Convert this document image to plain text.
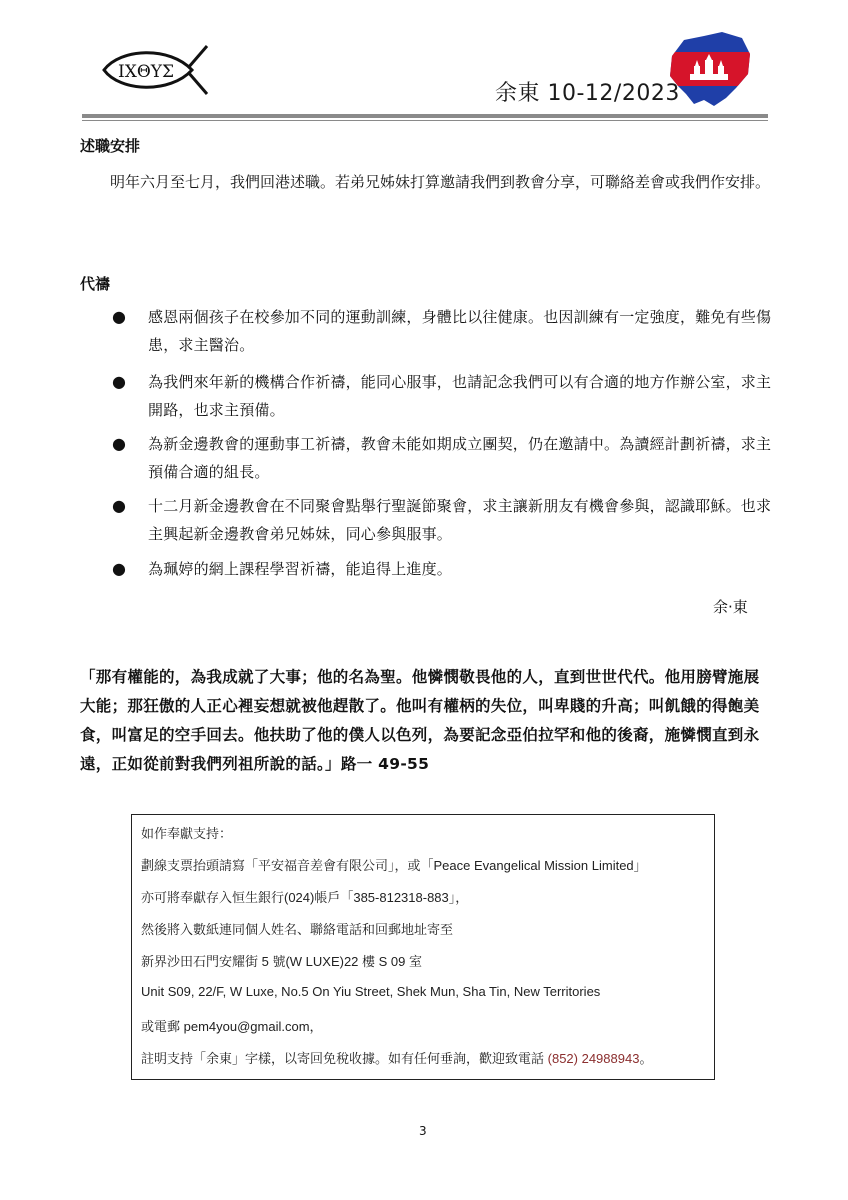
ΙΧΘΥΣ
余東 10-12/2023
述職安排
明年六月至七月，我們回港述職。若弟兄姊妹打算邀請我們到教會分享，可聯絡差會或我們作安排。
代禱
●	感恩兩個孩子在校參加不同的運動訓練，身體比以往健康。也因訓練有一定強度，難免有些傷患，求主醫治。
●	為我們來年新的機構合作祈禱，能同心服事，也請記念我們可以有合適的地方作辦公室，求主開路，也求主預備。
●	為新金邊教會的運動事工祈禱，教會未能如期成立團契，仍在邀請中。為讀經計劃祈禱，求主預備合適的組長。
●	十二月新金邊教會在不同聚會點舉行聖誕節聚會，求主讓新朋友有機會參與，認識耶穌。也求主興起新金邊教會弟兄姊妹，同心參與服事。
●	為珮婷的網上課程學習祈禱，能追得上進度。
余‧東
「那有權能的，為我成就了大事；他的名為聖。他憐憫敬畏他的人，直到世世代代。他用膀臂施展大能；那狂傲的人正心裡妄想就被他趕散了。他叫有權柄的失位，叫卑賤的升高；叫飢餓的得飽美食，叫富足的空手回去。他扶助了他的僕人以色列，為要記念亞伯拉罕和他的後裔，施憐憫直到永遠，正如從前對我們列祖所說的話。」路一 49-55
如作奉獻支持：
劃線支票抬頭請寫「平安福音差會有限公司」，或「Peace Evangelical Mission Limited」
亦可將奉獻存入恒生銀行(024)帳戶「385-812318-883」，
然後將入數紙連同個人姓名、聯絡電話和回郵地址寄至
新界沙田石門安耀街 5 號(W LUXE)22 樓 S 09 室
Unit S09, 22/F, W Luxe, No.5 On Yiu Street, Shek Mun, Sha Tin, New Territories
或電郵 pem4you@gmail.com，
註明支持「余東」字樣，以寄回免稅收據。如有任何垂詢，歡迎致電話 (852) 24988943。
3
